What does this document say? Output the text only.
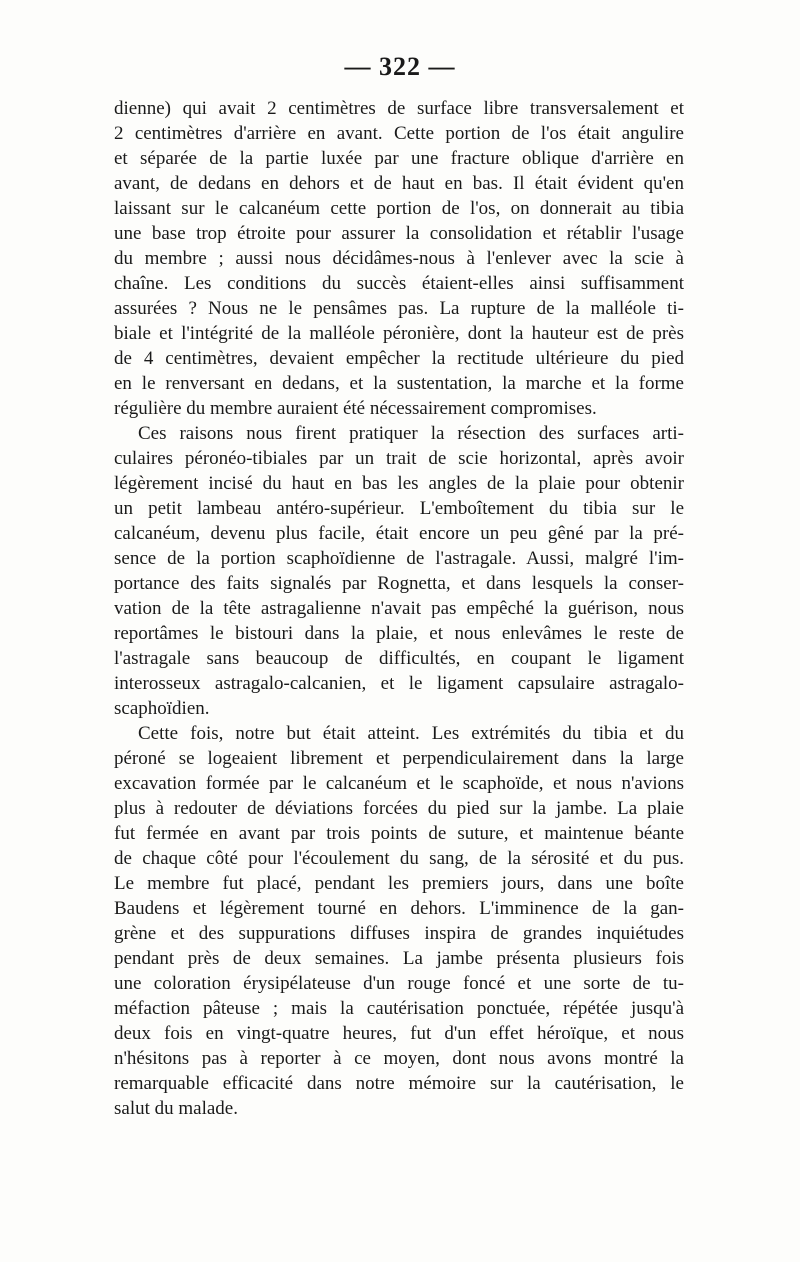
— 322 —
dienne) qui avait 2 centimètres de surface libre transversalement et
2 centimètres d'arrière en avant. Cette portion de l'os était angulire
et séparée de la partie luxée par une fracture oblique d'arrière en
avant, de dedans en dehors et de haut en bas. Il était évident qu'en
laissant sur le calcanéum cette portion de l'os, on donnerait au tibia
une base trop étroite pour assurer la consolidation et rétablir l'usage
du membre ; aussi nous décidâmes-nous à l'enlever avec la scie à
chaîne. Les conditions du succès étaient-elles ainsi suffisamment
assurées ? Nous ne le pensâmes pas. La rupture de la malléole ti-
biale et l'intégrité de la malléole péronière, dont la hauteur est de près
de 4 centimètres, devaient empêcher la rectitude ultérieure du pied
en le renversant en dedans, et la sustentation, la marche et la forme
régulière du membre auraient été nécessairement compromises.
Ces raisons nous firent pratiquer la résection des surfaces arti-
culaires péronéo-tibiales par un trait de scie horizontal, après avoir
légèrement incisé du haut en bas les angles de la plaie pour obtenir
un petit lambeau antéro-supérieur. L'emboîtement du tibia sur le
calcanéum, devenu plus facile, était encore un peu gêné par la pré-
sence de la portion scaphoïdienne de l'astragale. Aussi, malgré l'im-
portance des faits signalés par Rognetta, et dans lesquels la conser-
vation de la tête astragalienne n'avait pas empêché la guérison, nous
reportâmes le bistouri dans la plaie, et nous enlevâmes le reste de
l'astragale sans beaucoup de difficultés, en coupant le ligament
interosseux astragalo-calcanien, et le ligament capsulaire astragalo-
scaphoïdien.
Cette fois, notre but était atteint. Les extrémités du tibia et du
péroné se logeaient librement et perpendiculairement dans la large
excavation formée par le calcanéum et le scaphoïde, et nous n'avions
plus à redouter de déviations forcées du pied sur la jambe. La plaie
fut fermée en avant par trois points de suture, et maintenue béante
de chaque côté pour l'écoulement du sang, de la sérosité et du pus.
Le membre fut placé, pendant les premiers jours, dans une boîte
Baudens et légèrement tourné en dehors. L'imminence de la gan-
grène et des suppurations diffuses inspira de grandes inquiétudes
pendant près de deux semaines. La jambe présenta plusieurs fois
une coloration érysipélateuse d'un rouge foncé et une sorte de tu-
méfaction pâteuse ; mais la cautérisation ponctuée, répétée jusqu'à
deux fois en vingt-quatre heures, fut d'un effet héroïque, et nous
n'hésitons pas à reporter à ce moyen, dont nous avons montré la
remarquable efficacité dans notre mémoire sur la cautérisation, le
salut du malade.
